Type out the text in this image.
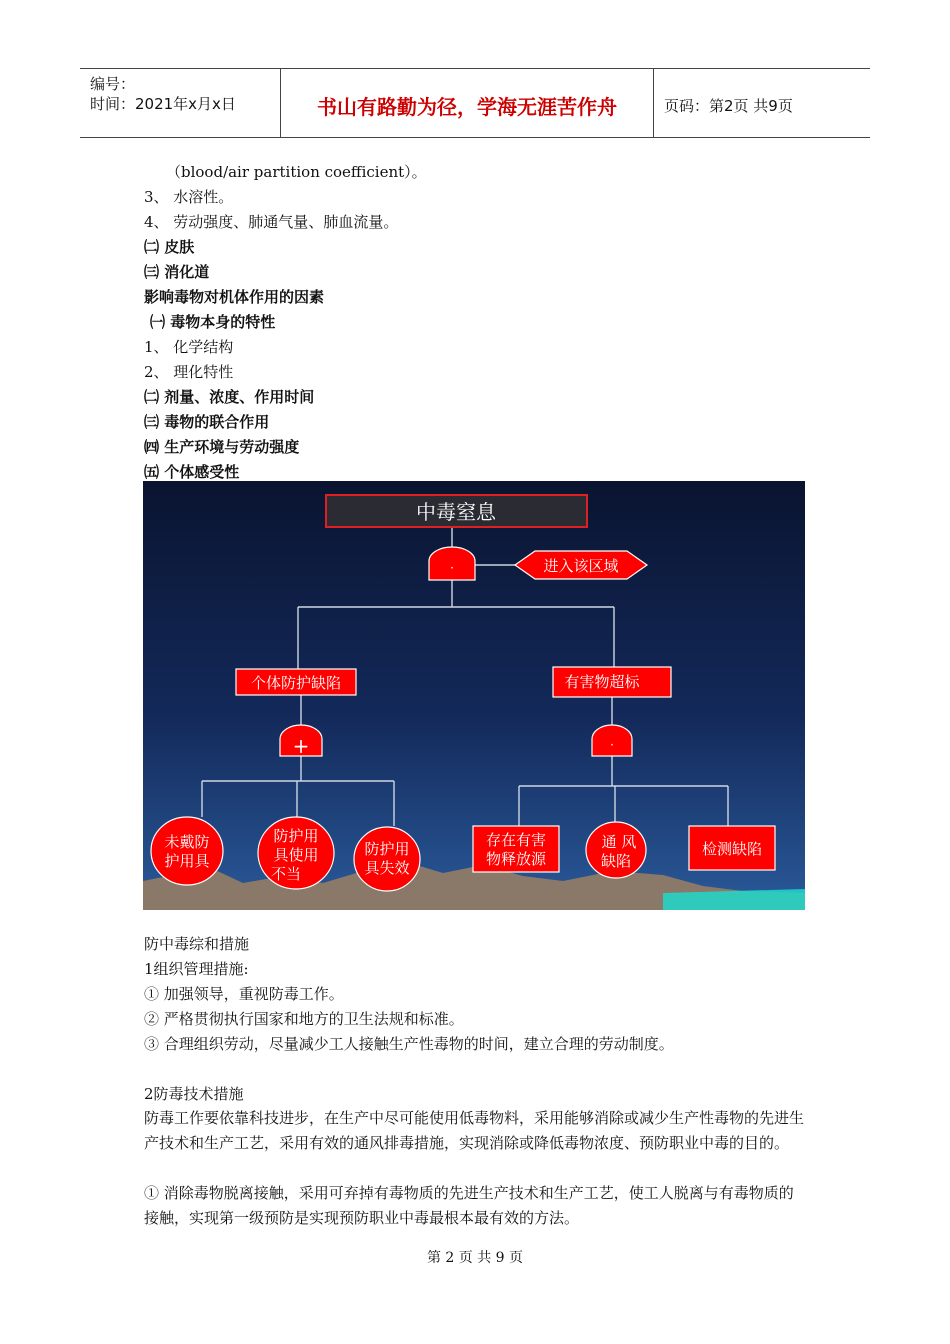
编号：
时间：2021年x月x日	书山有路勤为径，学海无涯苦作舟	页码：第2页 共9页
（blood/air partition coefficient）。
3、 水溶性。
4、 劳动强度、肺通气量、肺血流量。
㈡ 皮肤
㈢ 消化道
影响毒物对机体作用的因素
㈠ 毒物本身的特性
1、 化学结构
2、 理化特性
㈡ 剂量、浓度、作用时间
㈢ 毒物的联合作用
㈣ 生产环境与劳动强度
㈤ 个体感受性
中毒窒息
·	进入该区域
个体防护缺陷	有害物超标
+	·
未戴防
护用具
防护用
具使用
不当
防护用
具失效
存在有害
物释放源
通 风
缺陷
检测缺陷
防中毒综和措施
1组织管理措施:
① 加强领导，重视防毒工作。
② 严格贯彻执行国家和地方的卫生法规和标准。
③ 合理组织劳动，尽量减少工人接触生产性毒物的时间，建立合理的劳动制度。
2防毒技术措施
防毒工作要依靠科技进步，在生产中尽可能使用低毒物料，采用能够消除或减少生产性毒物的先进生产技术和生产工艺，采用有效的通风排毒措施，实现消除或降低毒物浓度、预防职业中毒的目的。
① 消除毒物脱离接触，采用可弃掉有毒物质的先进生产技术和生产工艺，使工人脱离与有毒物质的接触，实现第一级预防是实现预防职业中毒最根本最有效的方法。
第 2 页 共 9 页
